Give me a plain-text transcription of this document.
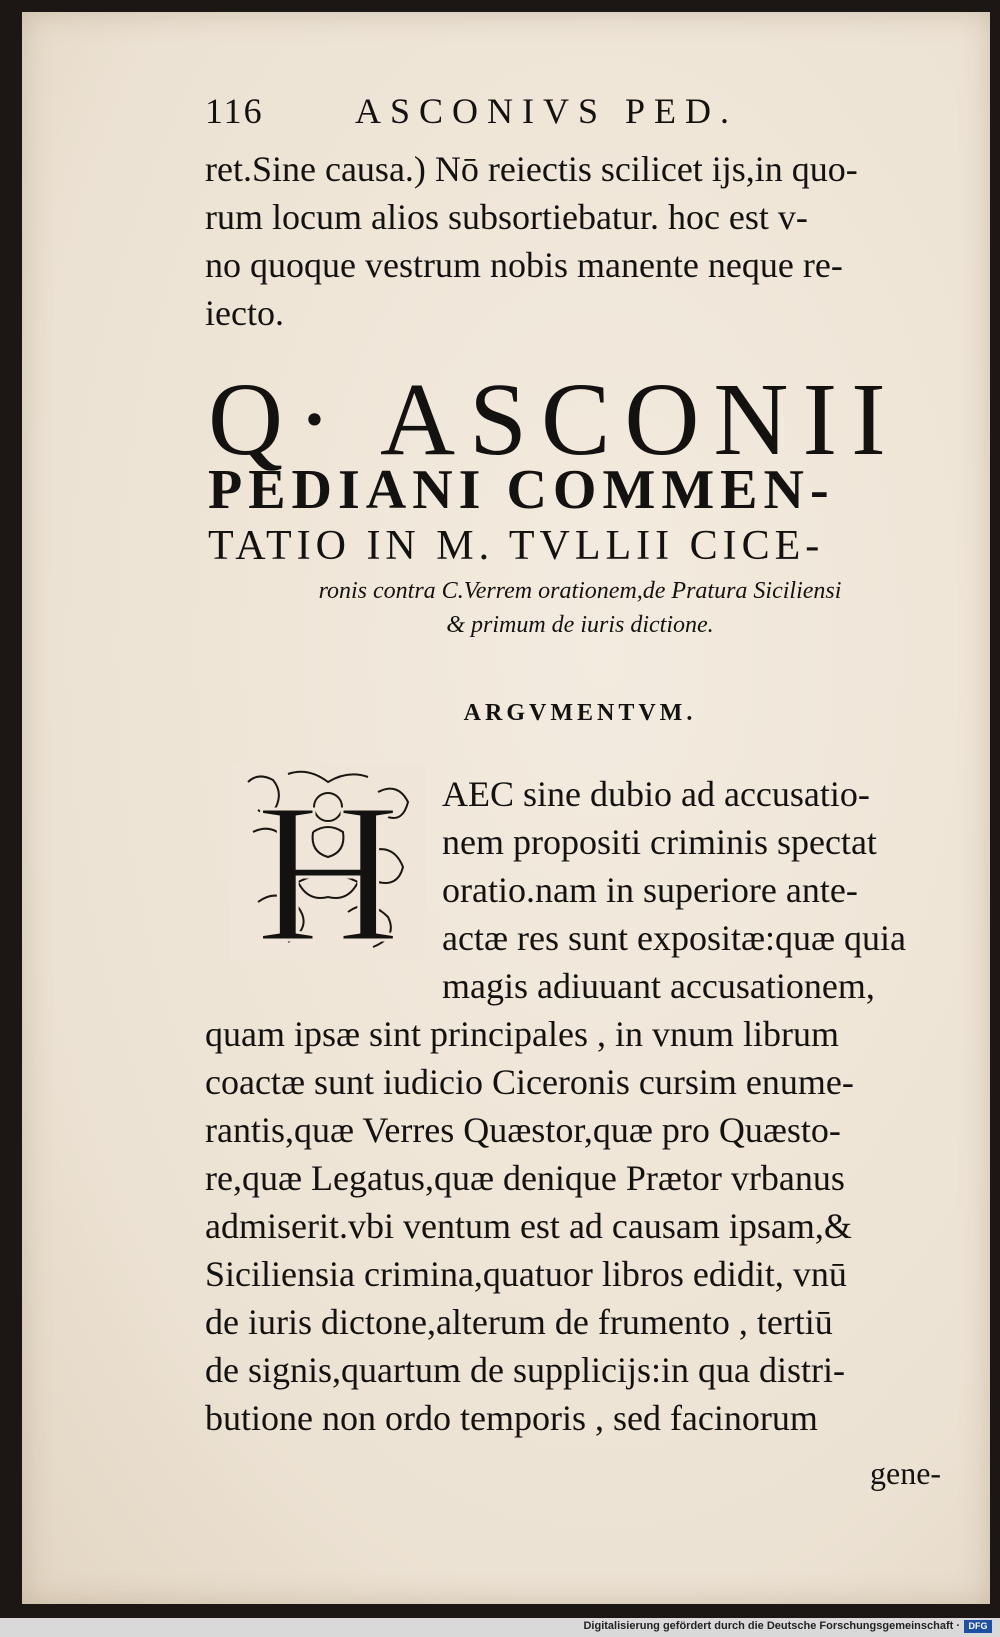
116	ASCONIVS PED.
ret.Sine causa.) Nō reiectis scilicet ijs,in quo-
rum locum alios subsortiebatur. hoc est v-
no quoque vestrum nobis manente neque re-
iecto.
Q· ASCONII
PEDIANI COMMEN-
TATIO IN M. TVLLII CICE-
ronis contra C.Verrem orationem,de Pratura Siciliensi
& primum de iuris dictione.
ARGVMENTVM.
H AEC sine dubio ad accusatio-
nem propositi criminis spectat
oratio.nam in superiore ante-
actæ res sunt expositæ:quæ quia
magis adiuuant accusationem,
quam ipsæ sint principales , in vnum librum
coactæ sunt iudicio Ciceronis cursim enume-
rantis,quæ Verres Quæstor,quæ pro Quæsto-
re,quæ Legatus,quæ denique Prætor vrbanus
admiserit.vbi ventum est ad causam ipsam,&
Siciliensia crimina,quatuor libros edidit, vnū
de iuris dictone,alterum de frumento , tertiū
de signis,quartum de supplicijs:in qua distri-
butione non ordo temporis , sed facinorum
gene-
Digitalisierung gefördert durch die Deutsche Forschungsgemeinschaft · DFG
